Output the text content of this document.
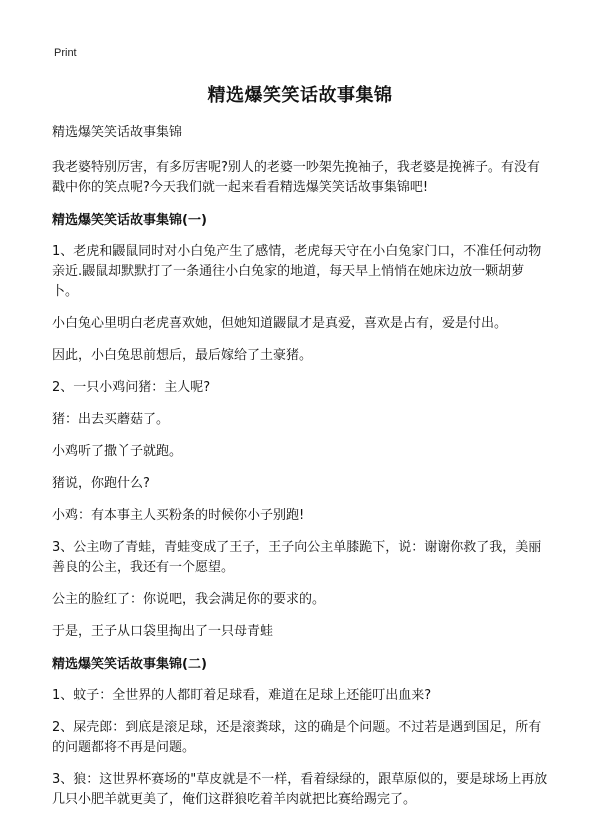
Print
精选爆笑笑话故事集锦
精选爆笑笑话故事集锦

我老婆特别厉害，有多厉害呢?别人的老婆一吵架先挽袖子，我老婆是挽裤子。有没有戳中你的笑点呢?今天我们就一起来看看精选爆笑笑话故事集锦吧!

精选爆笑笑话故事集锦(一)

1、老虎和鼹鼠同时对小白兔产生了感情，老虎每天守在小白兔家门口，不准任何动物亲近.鼹鼠却默默打了一条通往小白兔家的地道，每天早上悄悄在她床边放一颗胡萝卜。

小白兔心里明白老虎喜欢她，但她知道鼹鼠才是真爱，喜欢是占有，爱是付出。

因此，小白兔思前想后，最后嫁给了土豪猪。

2、一只小鸡问猪：主人呢?

猪：出去买蘑菇了。

小鸡听了撒丫子就跑。

猪说，你跑什么?

小鸡：有本事主人买粉条的时候你小子别跑!

3、公主吻了青蛙，青蛙变成了王子，王子向公主单膝跪下，说：谢谢你救了我，美丽善良的公主，我还有一个愿望。

公主的脸红了：你说吧，我会满足你的要求的。

于是，王子从口袋里掏出了一只母青蛙

精选爆笑笑话故事集锦(二)

1、蚊子：全世界的人都盯着足球看，难道在足球上还能叮出血来?

2、屎壳郎：到底是滚足球，还是滚粪球，这的确是个问题。不过若是遇到国足，所有的问题都将不再是问题。

3、狼：这世界杯赛场的"草皮就是不一样，看着绿绿的，跟草原似的，要是球场上再放几只小肥羊就更美了，俺们这群狼吃着羊肉就把比赛给踢完了。
